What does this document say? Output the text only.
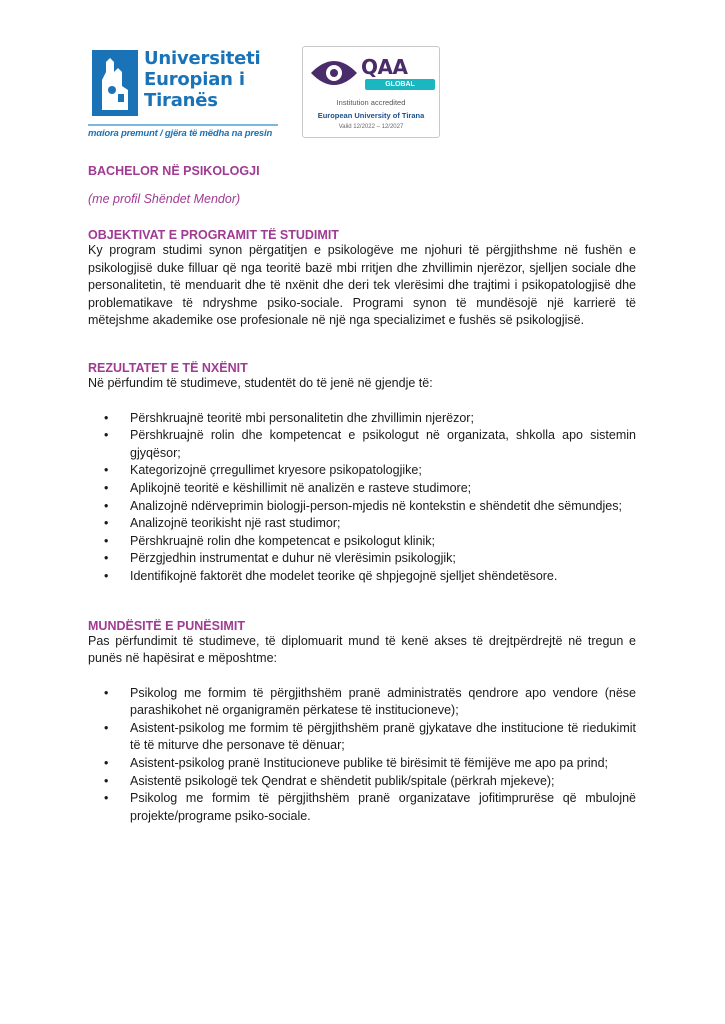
Universiteti
Europian i
Tiranës
mαiora premunt / gjëra të mëdha na presin
QAA
GLOBAL
Institution accredited
European University of Tirana
Valid 12/2022 – 12/2027

BACHELOR NË PSIKOLOGJI

(me profil Shëndet Mendor)

OBJEKTIVAT E PROGRAMIT TË STUDIMIT

Ky program studimi synon përgatitjen e psikologëve me njohuri të përgjithshme në fushën e psikologjisë duke filluar që nga teoritë bazë mbi rritjen dhe zhvillimin njerëzor, sjelljen sociale dhe personalitetin, të menduarit dhe të nxënit dhe deri tek vlerësimi dhe trajtimi i psikopatologjisë dhe problematikave të ndryshme psiko-sociale. Programi synon të mundësojë një karrierë të mëtejshme akademike ose profesionale në një nga specializimet e fushës së psikologjisë.

REZULTATET E TË NXËNIT

Në përfundim të studimeve, studentët do të jenë në gjendje të:

• Përshkruajnë teoritë mbi personalitetin dhe zhvillimin njerëzor;
• Përshkruajnë rolin dhe kompetencat e psikologut në organizata, shkolla apo sistemin gjyqësor;
• Kategorizojnë çrregullimet kryesore psikopatologjike;
• Aplikojnë teoritë e këshillimit në analizën e rasteve studimore;
• Analizojnë ndërveprimin biologji-person-mjedis në kontekstin e shëndetit dhe sëmundjes;
• Analizojnë teorikisht një rast studimor;
• Përshkruajnë rolin dhe kompetencat e psikologut klinik;
• Përzgjedhin instrumentat e duhur në vlerësimin psikologjik;
• Identifikojnë faktorët dhe modelet teorike që shpjegojnë sjelljet shëndetësore.

MUNDËSITË E PUNËSIMIT

Pas përfundimit të studimeve, të diplomuarit mund të kenë akses të drejtpërdrejtë në tregun e punës në hapësirat e mëposhtme:

• Psikolog me formim të përgjithshëm pranë administratës qendrore apo vendore (nëse parashikohet në organigramën përkatese të institucioneve);
• Asistent-psikolog me formim të përgjithshëm pranë gjykatave dhe institucione të riedukimit të të miturve dhe personave të dënuar;
• Asistent-psikolog pranë Institucioneve publike të birësimit të fëmijëve me apo pa prind;
• Asistentë psikologë tek Qendrat e shëndetit publik/spitale (përkrah mjekeve);
• Psikolog me formim të përgjithshëm pranë organizatave jofitimprurëse që mbulojnë projekte/programe psiko-sociale.
